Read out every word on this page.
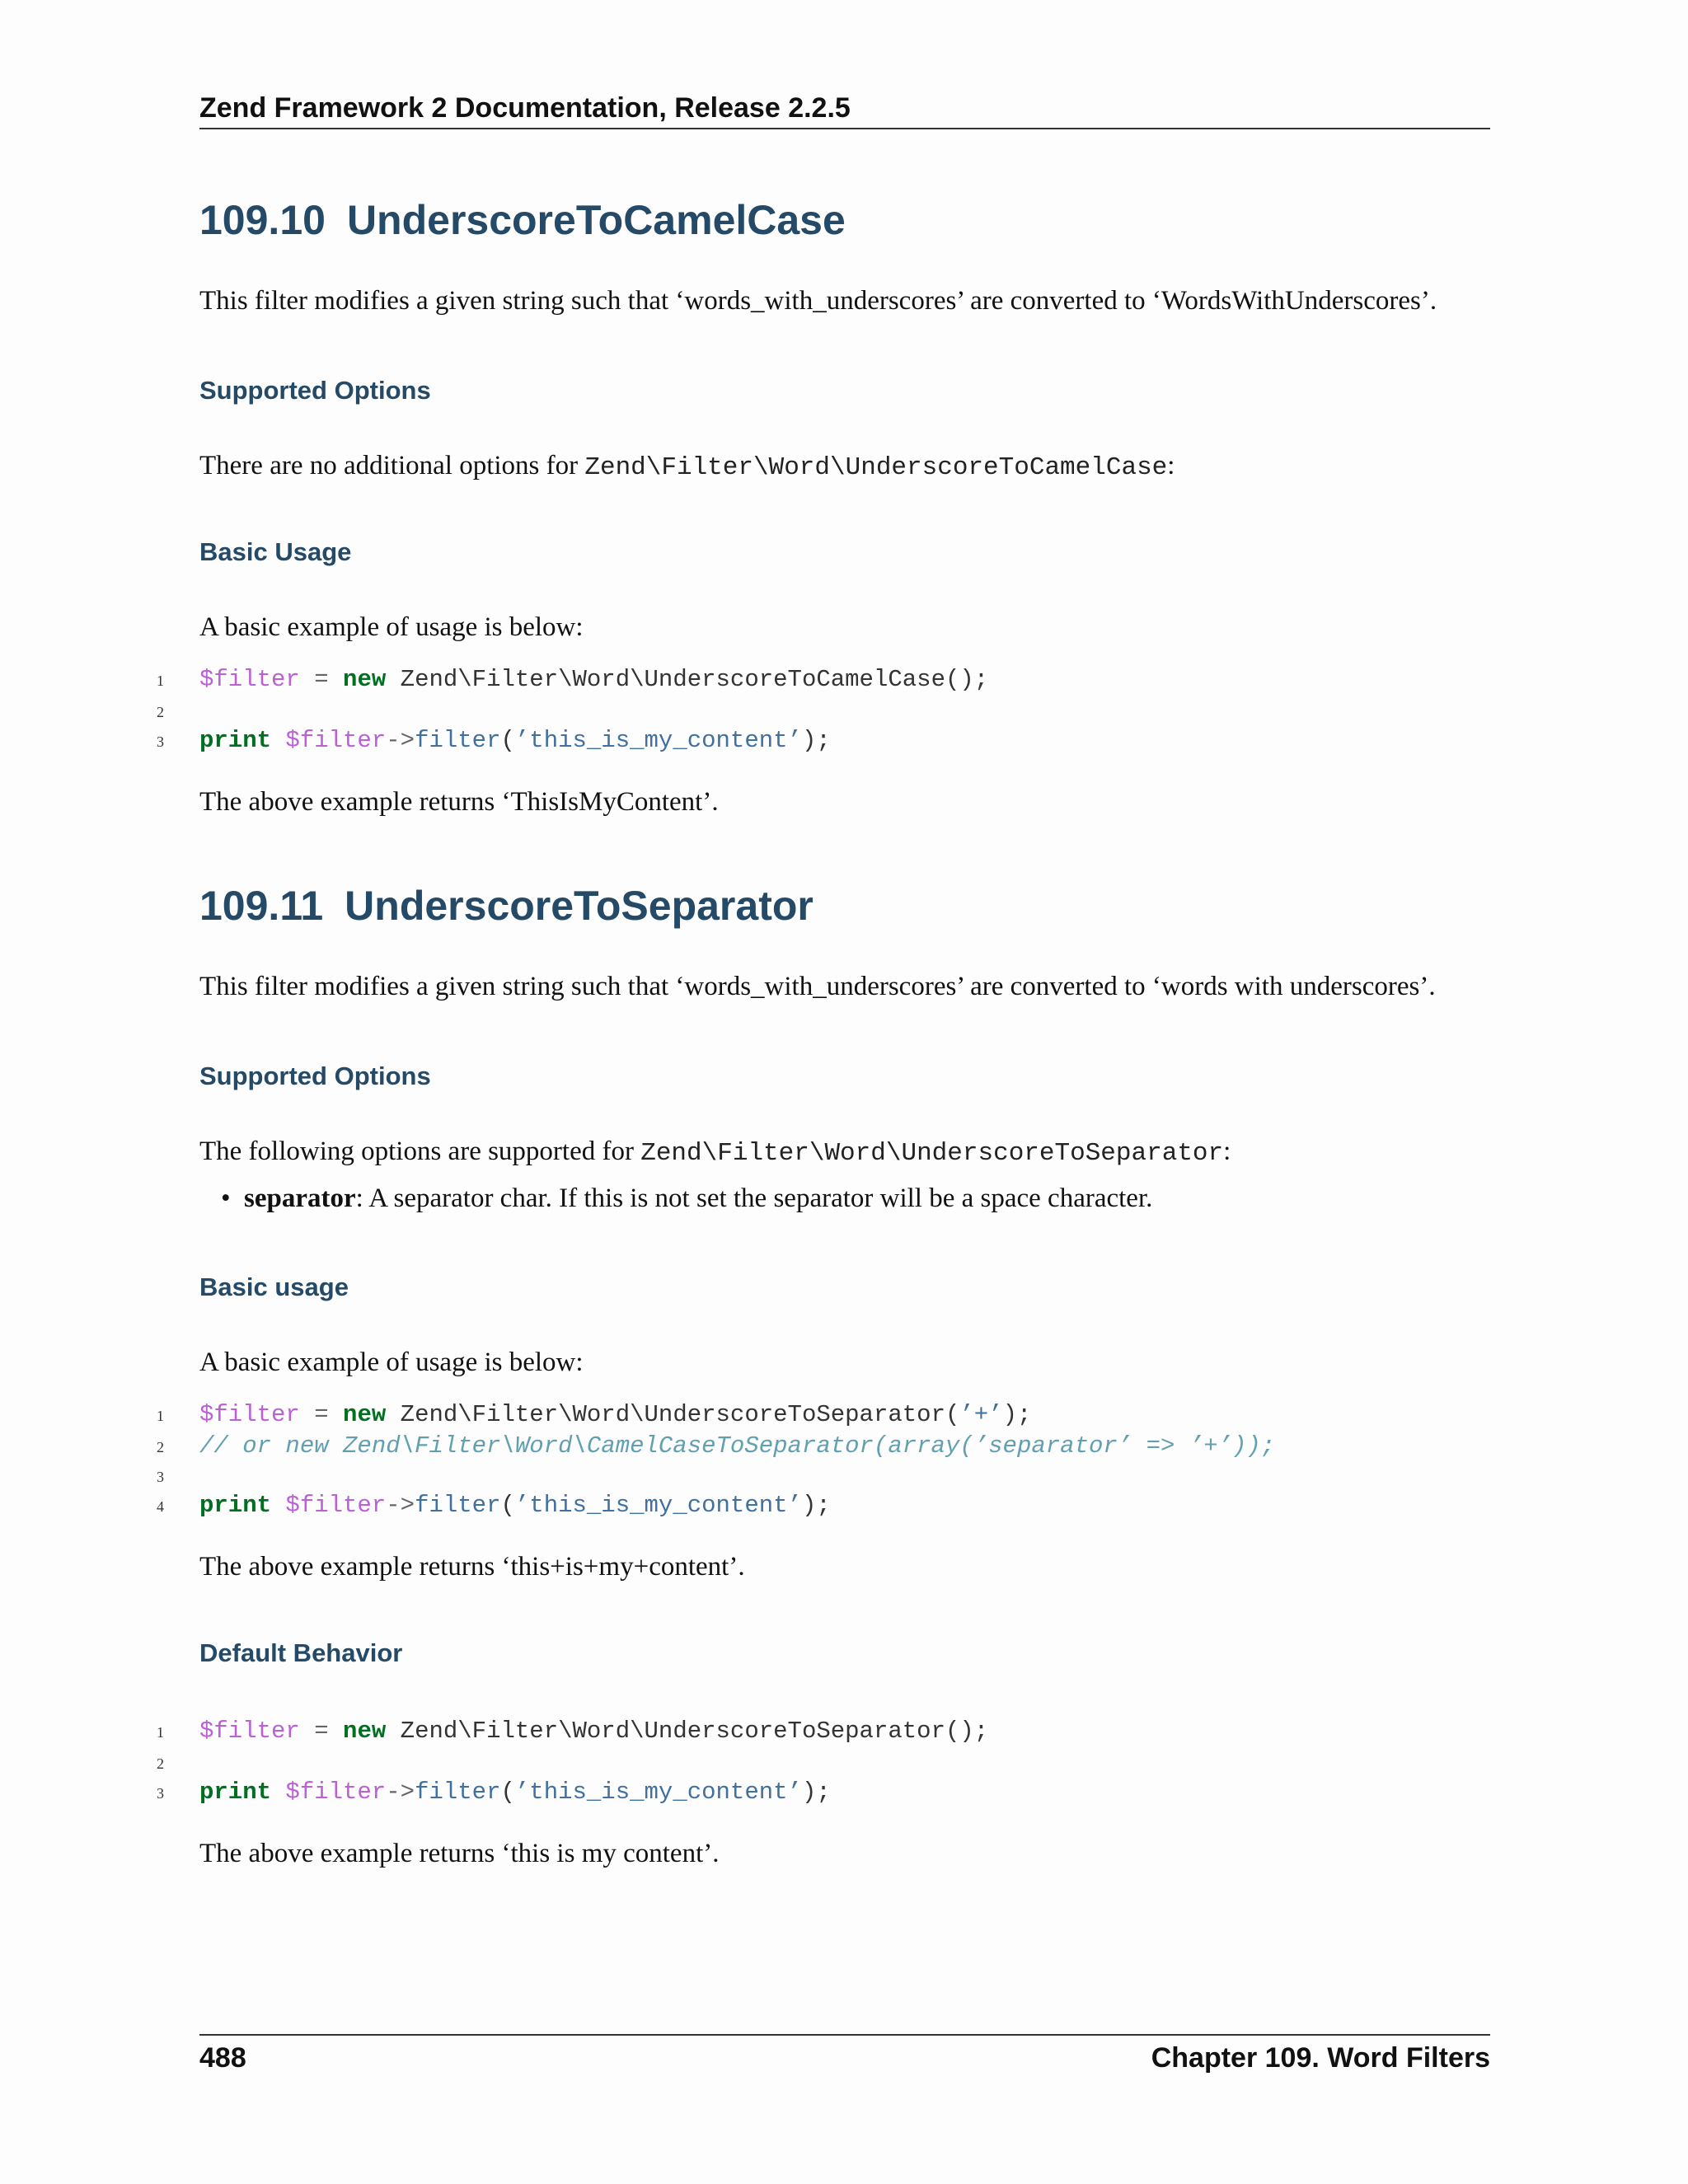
Zend Framework 2 Documentation, Release 2.2.5
109.10 UnderscoreToCamelCase

This filter modifies a given string such that ‘words_with_underscores’ are converted to ‘WordsWithUnderscores’.

Supported Options

There are no additional options for Zend\Filter\Word\UnderscoreToCamelCase:

Basic Usage

A basic example of usage is below:

1 $filter = new Zend\Filter\Word\UnderscoreToCamelCase();
2
3 print $filter->filter(’this_is_my_content’);

The above example returns ‘ThisIsMyContent’.

109.11 UnderscoreToSeparator

This filter modifies a given string such that ‘words_with_underscores’ are converted to ‘words with underscores’.

Supported Options

The following options are supported for Zend\Filter\Word\UnderscoreToSeparator:

• separator: A separator char. If this is not set the separator will be a space character.
Basic usage

A basic example of usage is below:

1 $filter = new Zend\Filter\Word\UnderscoreToSeparator(’+’);
2 // or new Zend\Filter\Word\CamelCaseToSeparator(array(’separator’ => ’+’));
3
4 print $filter->filter(’this_is_my_content’);

The above example returns ‘this+is+my+content’.

Default Behavior
1 $filter = new Zend\Filter\Word\UnderscoreToSeparator();
2
3 print $filter->filter(’this_is_my_content’);

The above example returns ‘this is my content’.

488	Chapter 109. Word Filters
